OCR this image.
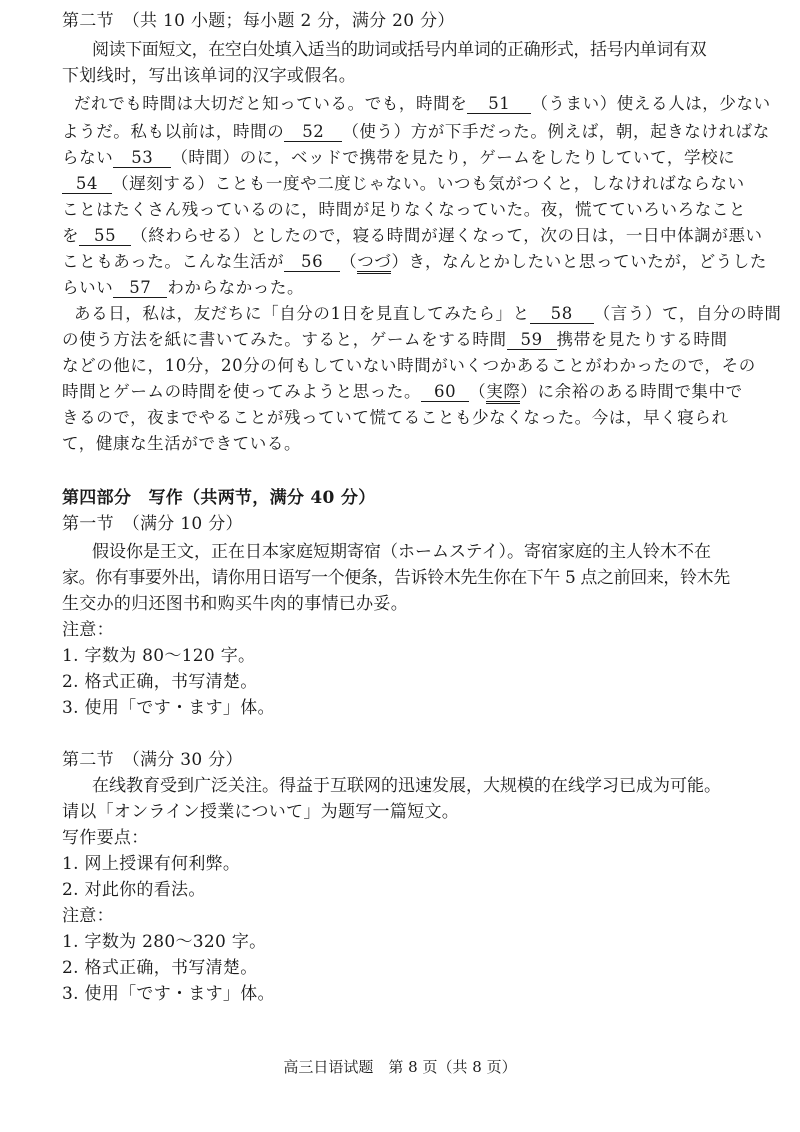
第二节　（共 10 小题；每小题 2 分，满分 20 分）
阅读下面短文，在空白处填入适当的助词或括号内单词的正确形式，括号内单词有双
下划线时，写出该单词的汉字或假名。
だれでも時間は大切だと知っている。でも，時間を 51 （うまい）使える人は，少ない
ようだ。私も以前は，時間の 52 （使う）方が下手だった。例えば，朝，起きなければな
らない 53 （時間）のに，ベッドで携帯を見たり，ゲームをしたりしていて，学校に
54 （遅刻する）ことも一度や二度じゃない。いつも気がつくと，しなければならない
ことはたくさん残っているのに，時間が足りなくなっていた。夜，慌てていろいろなこと
を 55 （終わらせる）としたので，寝る時間が遅くなって，次の日は，一日中体調が悪い
こともあった。こんな生活が 56 （つづ）き，なんとかしたいと思っていたが，どうした
らいい 57 わからなかった。
ある日，私は，友だちに「自分の1日を見直してみたら」と 58 （言う）て，自分の時間
の使う方法を紙に書いてみた。すると，ゲームをする時間 59 携帯を見たりする時間
などの他に，10分，20分の何もしていない時間がいくつかあることがわかったので，その
時間とゲームの時間を使ってみようと思った。 60 （実際）に余裕のある時間で集中で
きるので，夜までやることが残っていて慌てることも少なくなった。今は，早く寝られ
て，健康な生活ができている。
第四部分　写作（共两节，满分 40 分）
第一节　（满分 10 分）
假设你是王文，正在日本家庭短期寄宿（ホームステイ）。寄宿家庭的主人铃木不在
家。你有事要外出，请你用日语写一个便条，告诉铃木先生你在下午 5 点之前回来，铃木先
生交办的归还图书和购买牛肉的事情已办妥。
注意：
1. 字数为 80～120 字。
2. 格式正确，书写清楚。
3. 使用「です・ます」体。
第二节　（满分 30 分）
在线教育受到广泛关注。得益于互联网的迅速发展，大规模的在线学习已成为可能。
请以「オンライン授業について」为题写一篇短文。
写作要点：
1. 网上授课有何利弊。
2. 对此你的看法。
注意：
1. 字数为 280～320 字。
2. 格式正确，书写清楚。
3. 使用「です・ます」体。
高三日语试题　第 8 页（共 8 页）
